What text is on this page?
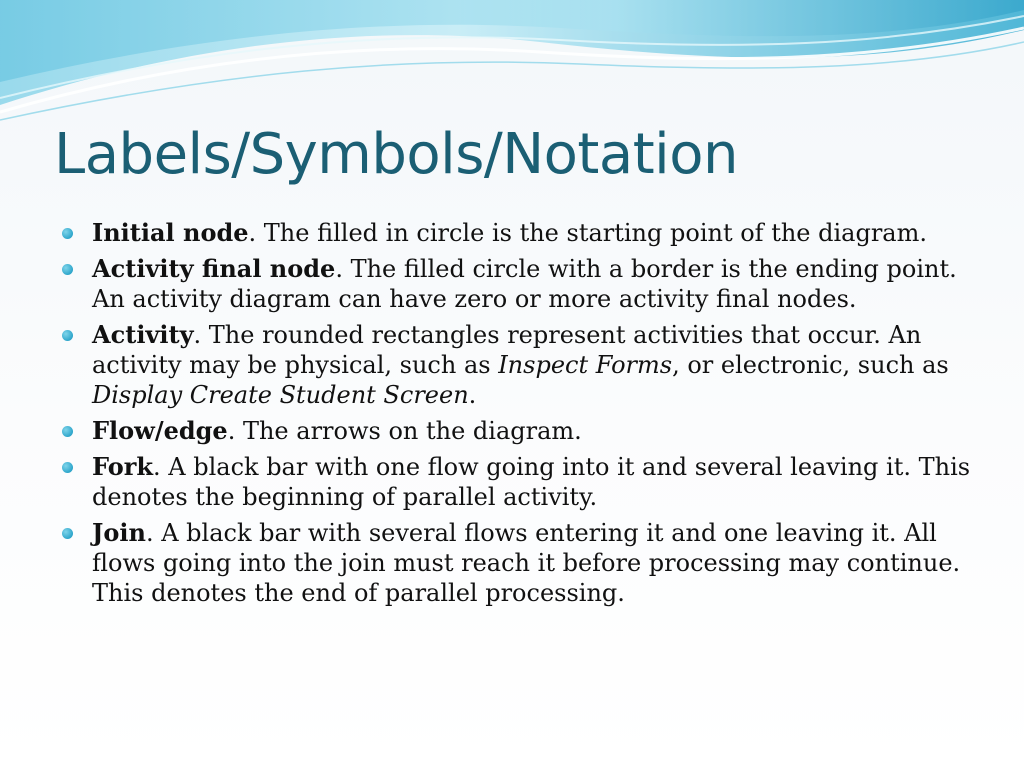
Labels/Symbols/Notation
Initial node. The filled in circle is the starting point of the diagram.
Activity final node. The filled circle with a border is the ending point. An activity diagram can have zero or more activity final nodes.
Activity. The rounded rectangles represent activities that occur. An activity may be physical, such as Inspect Forms, or electronic, such as Display Create Student Screen.
Flow/edge. The arrows on the diagram.
Fork. A black bar with one flow going into it and several leaving it. This denotes the beginning of parallel activity.
Join. A black bar with several flows entering it and one leaving it. All flows going into the join must reach it before processing may continue. This denotes the end of parallel processing.
